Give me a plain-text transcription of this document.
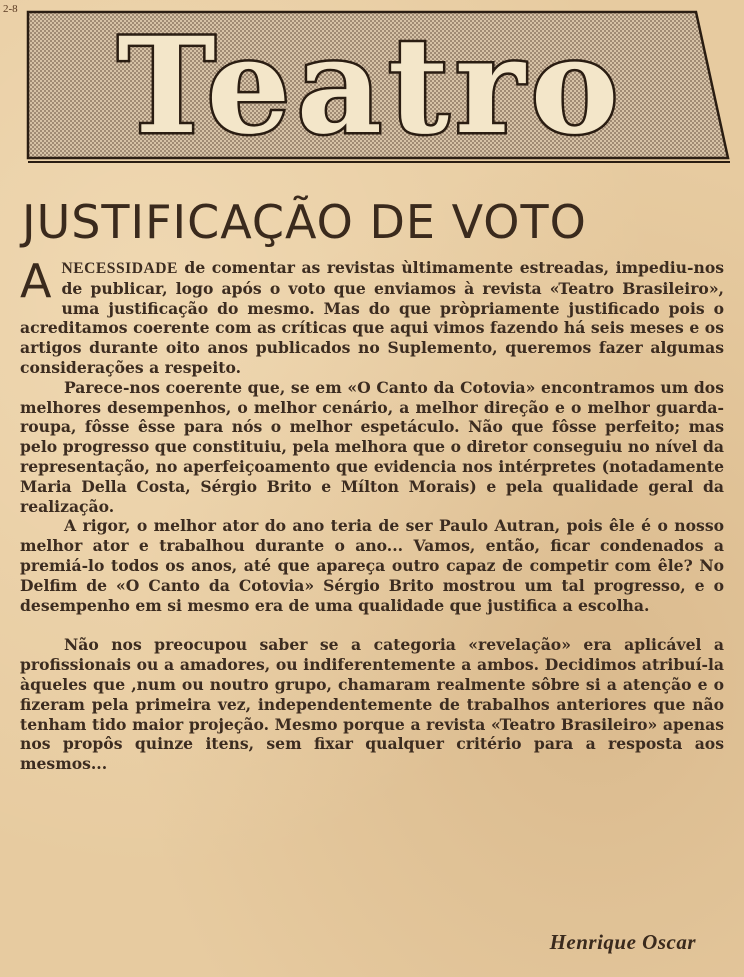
2-8 Teatro
JUSTIFICAÇÃO DE VOTO

ANECESSIDADE de comentar as revistas ùltimamente estreadas, impediu-nos de publicar, logo após o voto que enviamos à revista «Teatro Brasileiro», uma justificação do mesmo. Mas do que pròpriamente justificado pois o acreditamos coerente com as críticas que aqui vimos fazendo há seis meses e os artigos durante oito anos publicados no Suplemento, queremos fazer algumas considerações a respeito.

Parece-nos coerente que, se em «O Canto da Cotovia» encontramos um dos melhores desempenhos, o melhor cenário, a melhor direção e o melhor guarda-roupa, fôsse êsse para nós o melhor espetáculo. Não que fôsse perfeito; mas pelo progresso que constituiu, pela melhora que o diretor conseguiu no nível da representação, no aperfeiçoamento que evidencia nos intérpretes (notadamente Maria Della Costa, Sérgio Brito e Mílton Morais) e pela qualidade geral da realização.

A rigor, o melhor ator do ano teria de ser Paulo Autran, pois êle é o nosso melhor ator e trabalhou durante o ano... Vamos, então, ficar condenados a premiá-lo todos os anos, até que apareça outro capaz de competir com êle? No Delfim de «O Canto da Cotovia» Sérgio Brito mostrou um tal progresso, e o desempenho em si mesmo era de uma qualidade que justifica a escolha.

Não nos preocupou saber se a categoria «revelação» era aplicável a profissionais ou a amadores, ou indiferentemente a ambos. Decidimos atribuí-la àqueles que ,num ou noutro grupo, chamaram realmente sôbre si a atenção e o fizeram pela primeira vez, independentemente de trabalhos anteriores que não tenham tido maior projeção. Mesmo porque a revista «Teatro Brasileiro» apenas nos propôs quinze itens, sem fixar qualquer critério para a resposta aos mesmos...

Henrique Oscar
